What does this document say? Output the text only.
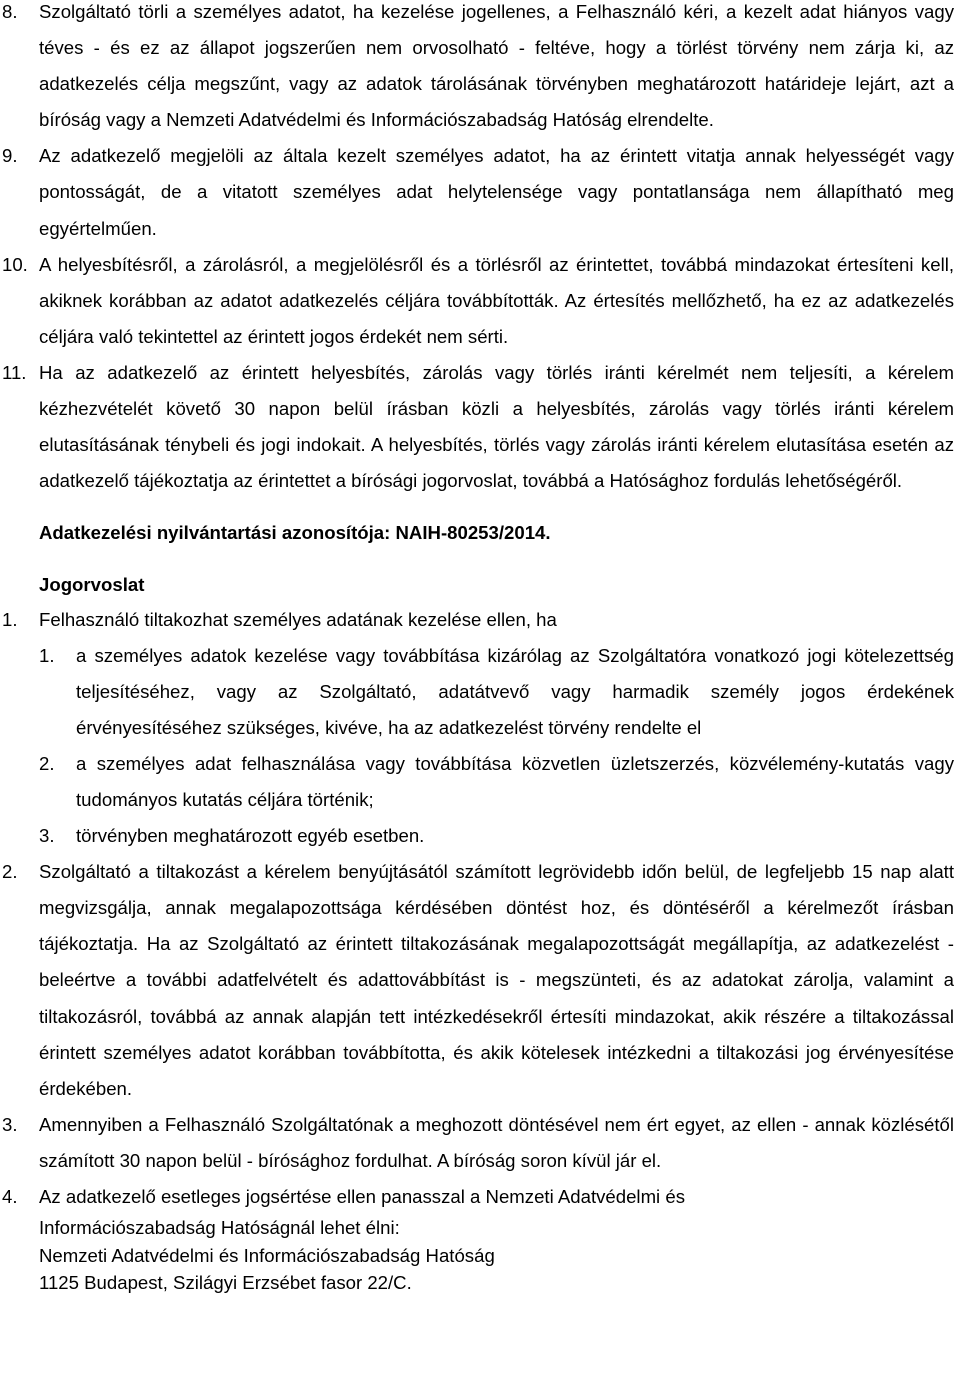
8. Szolgáltató törli a személyes adatot, ha kezelése jogellenes, a Felhasználó kéri, a kezelt adat hiányos vagy téves - és ez az állapot jogszerűen nem orvosolható - feltéve, hogy a törlést törvény nem zárja ki, az adatkezelés célja megszűnt, vagy az adatok tárolásának törvényben meghatározott határideje lejárt, azt a bíróság vagy a Nemzeti Adatvédelmi és Információszabadság Hatóság elrendelte.

9. Az adatkezelő megjelöli az általa kezelt személyes adatot, ha az érintett vitatja annak helyességét vagy pontosságát, de a vitatott személyes adat helytelensége vagy pontatlansága nem állapítható meg egyértelműen.

10. A helyesbítésről, a zárolásról, a megjelölésről és a törlésről az érintettet, továbbá mindazokat értesíteni kell, akiknek korábban az adatot adatkezelés céljára továbbították. Az értesítés mellőzhető, ha ez az adatkezelés céljára való tekintettel az érintett jogos érdekét nem sérti.

11. Ha az adatkezelő az érintett helyesbítés, zárolás vagy törlés iránti kérelmét nem teljesíti, a kérelem kézhezvételét követő 30 napon belül írásban közli a helyesbítés, zárolás vagy törlés iránti kérelem elutasításának ténybeli és jogi indokait. A helyesbítés, törlés vagy zárolás iránti kérelem elutasítása esetén az adatkezelő tájékoztatja az érintettet a bírósági jogorvoslat, továbbá a Hatósághoz fordulás lehetőségéről.

Adatkezelési nyilvántartási azonosítója: NAIH-80253/2014.

Jogorvoslat

1. Felhasználó tiltakozhat személyes adatának kezelése ellen, ha

1. a személyes adatok kezelése vagy továbbítása kizárólag az Szolgáltatóra vonatkozó jogi kötelezettség teljesítéséhez, vagy az Szolgáltató, adatátvevő vagy harmadik személy jogos érdekének érvényesítéséhez szükséges, kivéve, ha az adatkezelést törvény rendelte el

2. a személyes adat felhasználása vagy továbbítása közvetlen üzletszerzés, közvélemény-kutatás vagy tudományos kutatás céljára történik;

3. törvényben meghatározott egyéb esetben.

2. Szolgáltató a tiltakozást a kérelem benyújtásától számított legrövidebb időn belül, de legfeljebb 15 nap alatt megvizsgálja, annak megalapozottsága kérdésében döntést hoz, és döntéséről a kérelmezőt írásban tájékoztatja. Ha az Szolgáltató az érintett tiltakozásának megalapozottságát megállapítja, az adatkezelést - beleértve a további adatfelvételt és adattovábbítást is - megszünteti, és az adatokat zárolja, valamint a tiltakozásról, továbbá az annak alapján tett intézkedésekről értesíti mindazokat, akik részére a tiltakozással érintett személyes adatot korábban továbbította, és akik kötelesek intézkedni a tiltakozási jog érvényesítése érdekében.

3. Amennyiben a Felhasználó Szolgáltatónak a meghozott döntésével nem ért egyet, az ellen - annak közlésétől számított 30 napon belül - bírósághoz fordulhat. A bíróság soron kívül jár el.

4. Az adatkezelő esetleges jogsértése ellen panasszal a Nemzeti Adatvédelmi és

Információszabadság Hatóságnál lehet élni:

Nemzeti Adatvédelmi és Információszabadság Hatóság

1125 Budapest, Szilágyi Erzsébet fasor 22/C.
